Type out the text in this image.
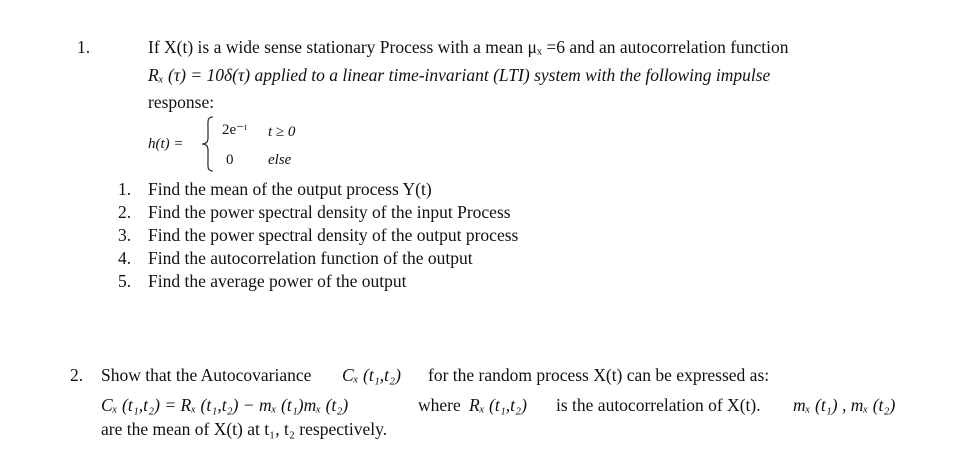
1.	If X(t) is a wide sense stationary Process with a mean μₓ =6 and an autocorrelation function
Rₓ (τ) = 10δ(τ) applied to a linear time-invariant (LTI) system with the following impulse
response:
h(t) =
2e⁻ᵗ t ≥ 0
0 else
1. Find the mean of the output process Y(t)
2. Find the power spectral density of the input Process
3. Find the power spectral density of the output process
4. Find the autocorrelation function of the output
5. Find the average power of the output
2. Show that the Autocovariance Cₓ (t₁,t₂) for the random process X(t) can be expressed as:
Cₓ (t₁,t₂) = Rₓ (t₁,t₂) − mₓ (t₁)mₓ (t₂)	where Rₓ (t₁,t₂) is the autocorrelation of X(t). mₓ (t₁) , mₓ (t₂)
are the mean of X(t) at t₁, t₂ respectively.
